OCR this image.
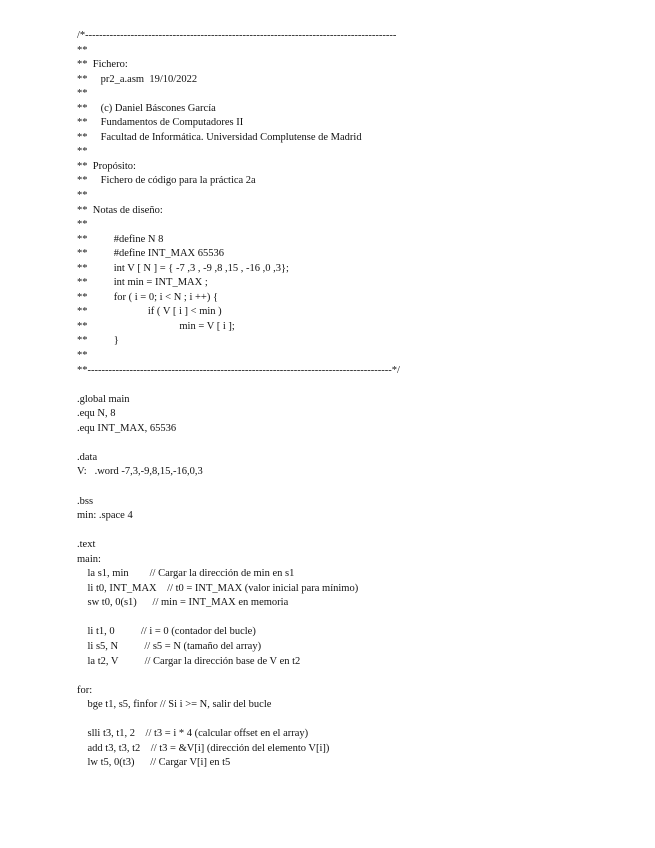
/*-----------------------------------------------------------------------------------------
**
**  Fichero:
**     pr2_a.asm  19/10/2022
**
**     (c) Daniel Báscones García
**     Fundamentos de Computadores II
**     Facultad de Informática. Universidad Complutense de Madrid
**
**  Propósito:
**     Fichero de código para la práctica 2a
**
**  Notas de diseño:
**
**          #define N 8
**          #define INT_MAX 65536
**          int V [ N ] = { -7 ,3 , -9 ,8 ,15 , -16 ,0 ,3};
**          int min = INT_MAX ;
**          for ( i = 0; i < N ; i ++) {
**                       if ( V [ i ] < min )
**                                   min = V [ i ];
**          }
**
**---------------------------------------------------------------------------------------*/
.global main
.equ N, 8
.equ INT_MAX, 65536
.data
V:   .word -7,3,-9,8,15,-16,0,3
.bss
min: .space 4
.text
main:
la s1, min        // Cargar la dirección de min en s1
li t0, INT_MAX    // t0 = INT_MAX (valor inicial para mínimo)
sw t0, 0(s1)      // min = INT_MAX en memoria
li t1, 0          // i = 0 (contador del bucle)
li s5, N          // s5 = N (tamaño del array)
la t2, V          // Cargar la dirección base de V en t2
for:
bge t1, s5, finfor // Si i >= N, salir del bucle
slli t3, t1, 2    // t3 = i * 4 (calcular offset en el array)
add t3, t3, t2    // t3 = &V[i] (dirección del elemento V[i])
lw t5, 0(t3)      // Cargar V[i] en t5
